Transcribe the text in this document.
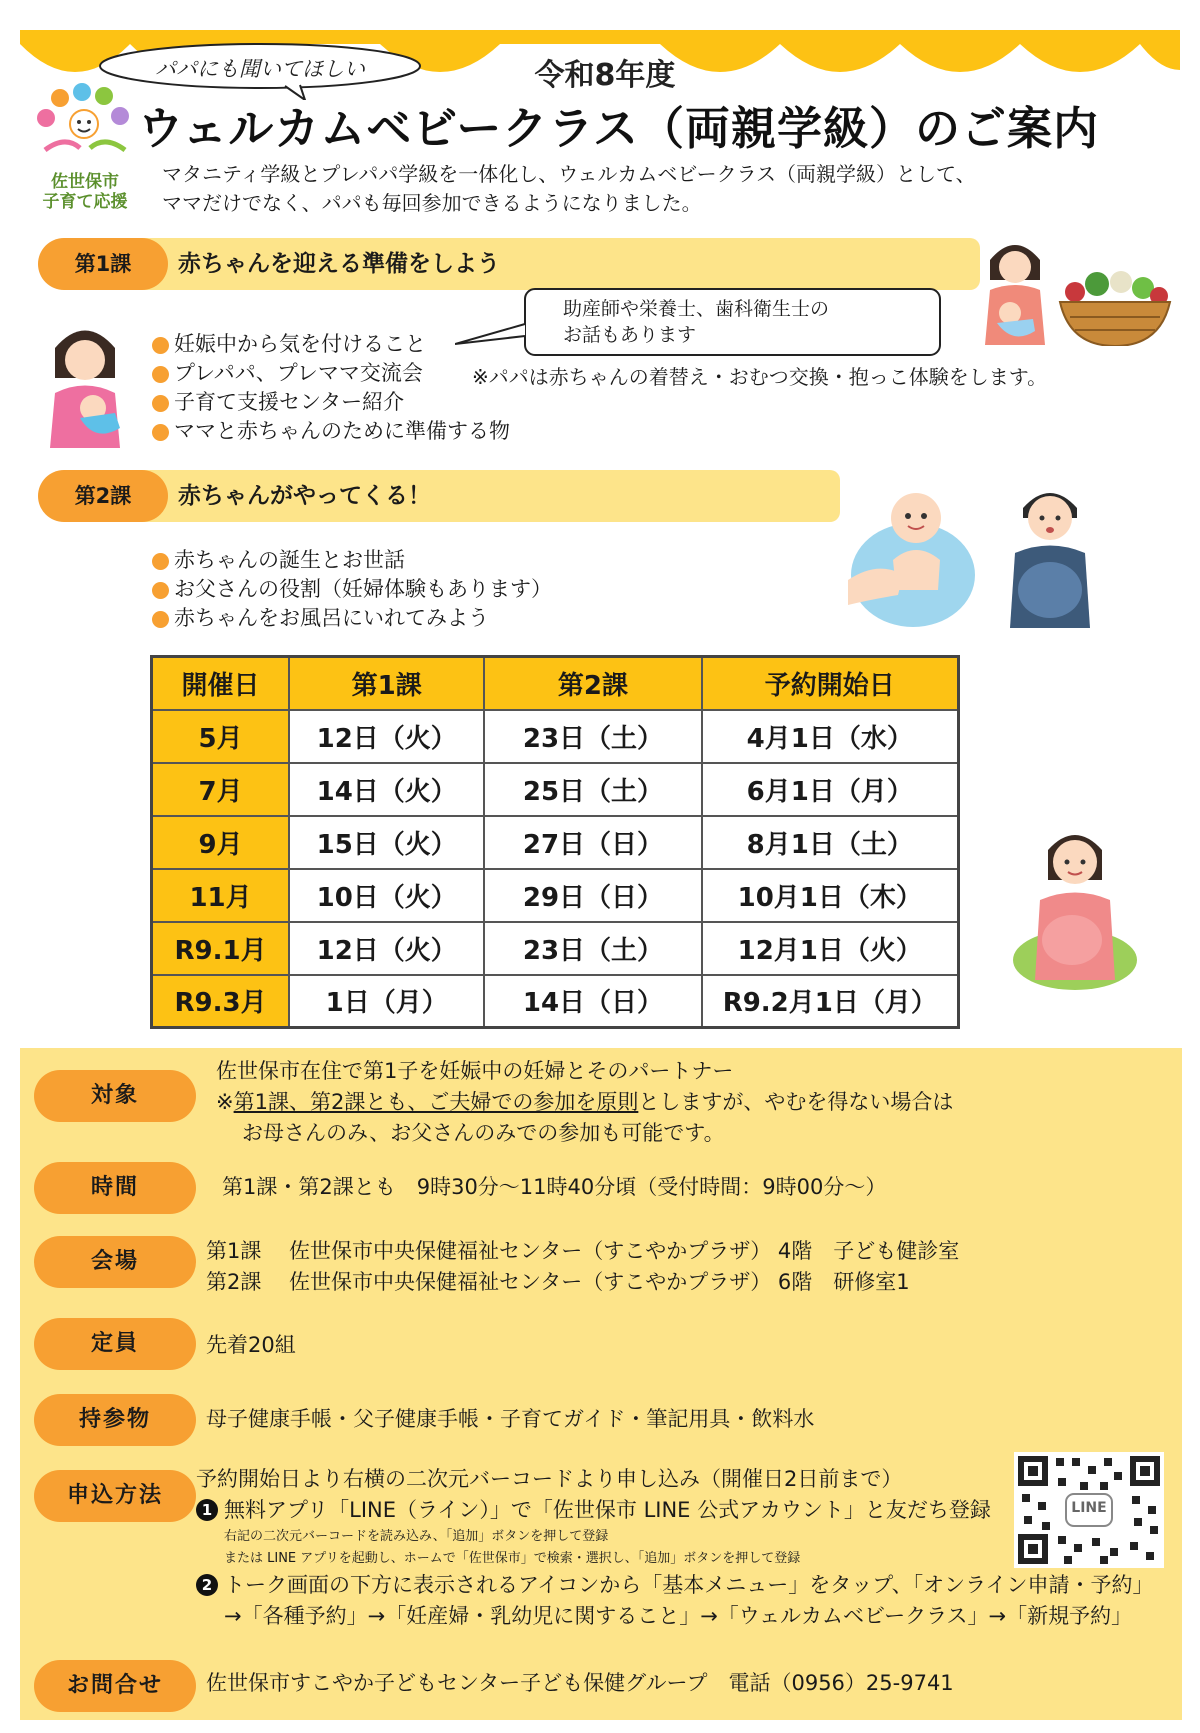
佐世保市
子育て応援
パパにも聞いてほしい	令和8年度
ウェルカムベビークラス（両親学級）のご案内
マタニティ学級とプレパパ学級を一体化し、ウェルカムベビークラス（両親学級）として、
ママだけでなく、パパも毎回参加できるようになりました。
第1課	赤ちゃんを迎える準備をしよう
助産師や栄養士、歯科衛生士の
お話もあります
妊娠中から気を付けること
プレパパ、プレママ交流会
子育て支援センター紹介
ママと赤ちゃんのために準備する物
※パパは赤ちゃんの着替え・おむつ交換・抱っこ体験をします。
第2課	赤ちゃんがやってくる！
赤ちゃんの誕生とお世話
お父さんの役割（妊婦体験もあります）
赤ちゃんをお風呂にいれてみよう
開催日	第1課	第2課	予約開始日
5月	12日（火）	23日（土）	4月1日（水）
7月	14日（火）	25日（土）	6月1日（月）
9月	15日（火）	27日（日）	8月1日（土）
11月	10日（火）	29日（日）	10月1日（木）
R9.1月	12日（火）	23日（土）	12月1日（火）
R9.3月	1日（月）	14日（日）	R9.2月1日（月）
対象
佐世保市在住で第1子を妊娠中の妊婦とそのパートナー
※第1課、第2課とも、ご夫婦での参加を原則としますが、やむを得ない場合は
お母さんのみ、お父さんのみでの参加も可能です。
時間	第1課・第2課とも　9時30分～11時40分頃（受付時間：9時00分～）
会場	第1課　 佐世保市中央保健福祉センター（すこやかプラザ） 4階　子ども健診室
第2課　 佐世保市中央保健福祉センター（すこやかプラザ） 6階　研修室1
定員	先着20組
持参物	母子健康手帳・父子健康手帳・子育てガイド・筆記用具・飲料水
申込方法
予約開始日より右横の二次元バーコードより申し込み（開催日2日前まで）
1 無料アプリ「LINE（ライン）」で「佐世保市 LINE 公式アカウント」と友だち登録
右記の二次元バーコードを読み込み、「追加」ボタンを押して登録
または LINE アプリを起動し、ホームで「佐世保市」で検索・選択し、「追加」ボタンを押して登録
2 トーク画面の下方に表示されるアイコンから「基本メニュー」をタップ、「オンライン申請・予約」
→「各種予約」→「妊産婦・乳幼児に関すること」→「ウェルカムベビークラス」→「新規予約」
お問合せ	佐世保市すこやか子どもセンター子ども保健グループ　電話（0956）25-9741
LINE
